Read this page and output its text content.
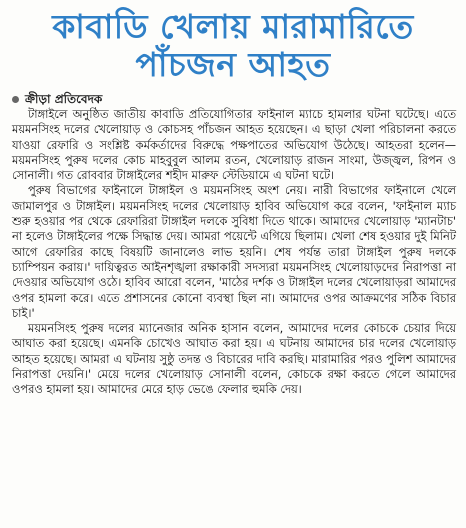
কাবাডি খেলায় মারামারিতে
পাঁচজন আহত
ক্রীড়া প্রতিবেদক

টাঙ্গাইলে অনুষ্ঠিত জাতীয় কাবাডি প্রতিযোগিতার ফাইনাল ম্যাচে হামলার ঘটনা ঘটেছে। এতে ময়মনসিংহ দলের খেলোয়াড় ও কোচসহ পাঁচজন আহত হয়েছেন। এ ছাড়া খেলা পরিচালনা করতে যাওয়া রেফারি ও সংশ্লিষ্ট কর্মকর্তাদের বিরুদ্ধে পক্ষপাতের অভিযোগ উঠেছে। আহতরা হলেন— ময়মনসিংহ পুরুষ দলের কোচ মাহবুবুল আলম রতন, খেলোয়াড় রাজন সাংমা, উজ্জ্বল, রিপন ও সোনালী। গত রোববার টাঙ্গাইলের শহীদ মারুফ স্টেডিয়ামে এ ঘটনা ঘটে।

পুরুষ বিভাগের ফাইনালে টাঙ্গাইল ও ময়মনসিংহ অংশ নেয়। নারী বিভাগের ফাইনালে খেলে জামালপুর ও টাঙ্গাইল। ময়মনসিংহ দলের খেলোয়াড় হাবিব অভিযোগ করে বলেন, 'ফাইনাল ম্যাচ শুরু হওয়ার পর থেকে রেফারিরা টাঙ্গাইল দলকে সুবিধা দিতে থাকে। আমাদের খেলোয়াড় 'ম্যানটাচ' না হলেও টাঙ্গাইলের পক্ষে সিদ্ধান্ত দেয়। আমরা পয়েন্টে এগিয়ে ছিলাম। খেলা শেষ হওয়ার দুই মিনিট আগে রেফারির কাছে বিষয়টি জানালেও লাভ হয়নি। শেষ পর্যন্ত তারা টাঙ্গাইল পুরুষ দলকে চ্যাম্পিয়ন করায়।' দায়িত্বরত আইনশৃঙ্খলা রক্ষাকারী সদস্যরা ময়মনসিংহ খেলোয়াড়দের নিরাপত্তা না দেওয়ার অভিযোগ ওঠে। হাবিব আরো বলেন, 'মাঠের দর্শক ও টাঙ্গাইল দলের খেলোয়াড়রা আমাদের ওপর হামলা করে। এতে প্রশাসনের কোনো ব্যবস্থা ছিল না। আমাদের ওপর আক্রমণের সঠিক বিচার চাই।'

ময়মনসিংহ পুরুষ দলের ম্যানেজার অনিক হাসান বলেন, আমাদের দলের কোচকে চেয়ার দিয়ে আঘাত করা হয়েছে। এমনকি চোখেও আঘাত করা হয়। এ ঘটনায় আমাদের চার দলের খেলোয়াড় আহত হয়েছে। আমরা এ ঘটনায় সুষ্ঠু তদন্ত ও বিচারের দাবি করছি। মারামারির পরও পুলিশ আমাদের নিরাপত্তা দেয়নি।' মেয়ে দলের খেলোয়াড় সোনালী বলেন, কোচকে রক্ষা করতে গেলে আমাদের ওপরও হামলা হয়। আমাদের মেরে হাড় ভেঙে ফেলার হুমকি দেয়।
